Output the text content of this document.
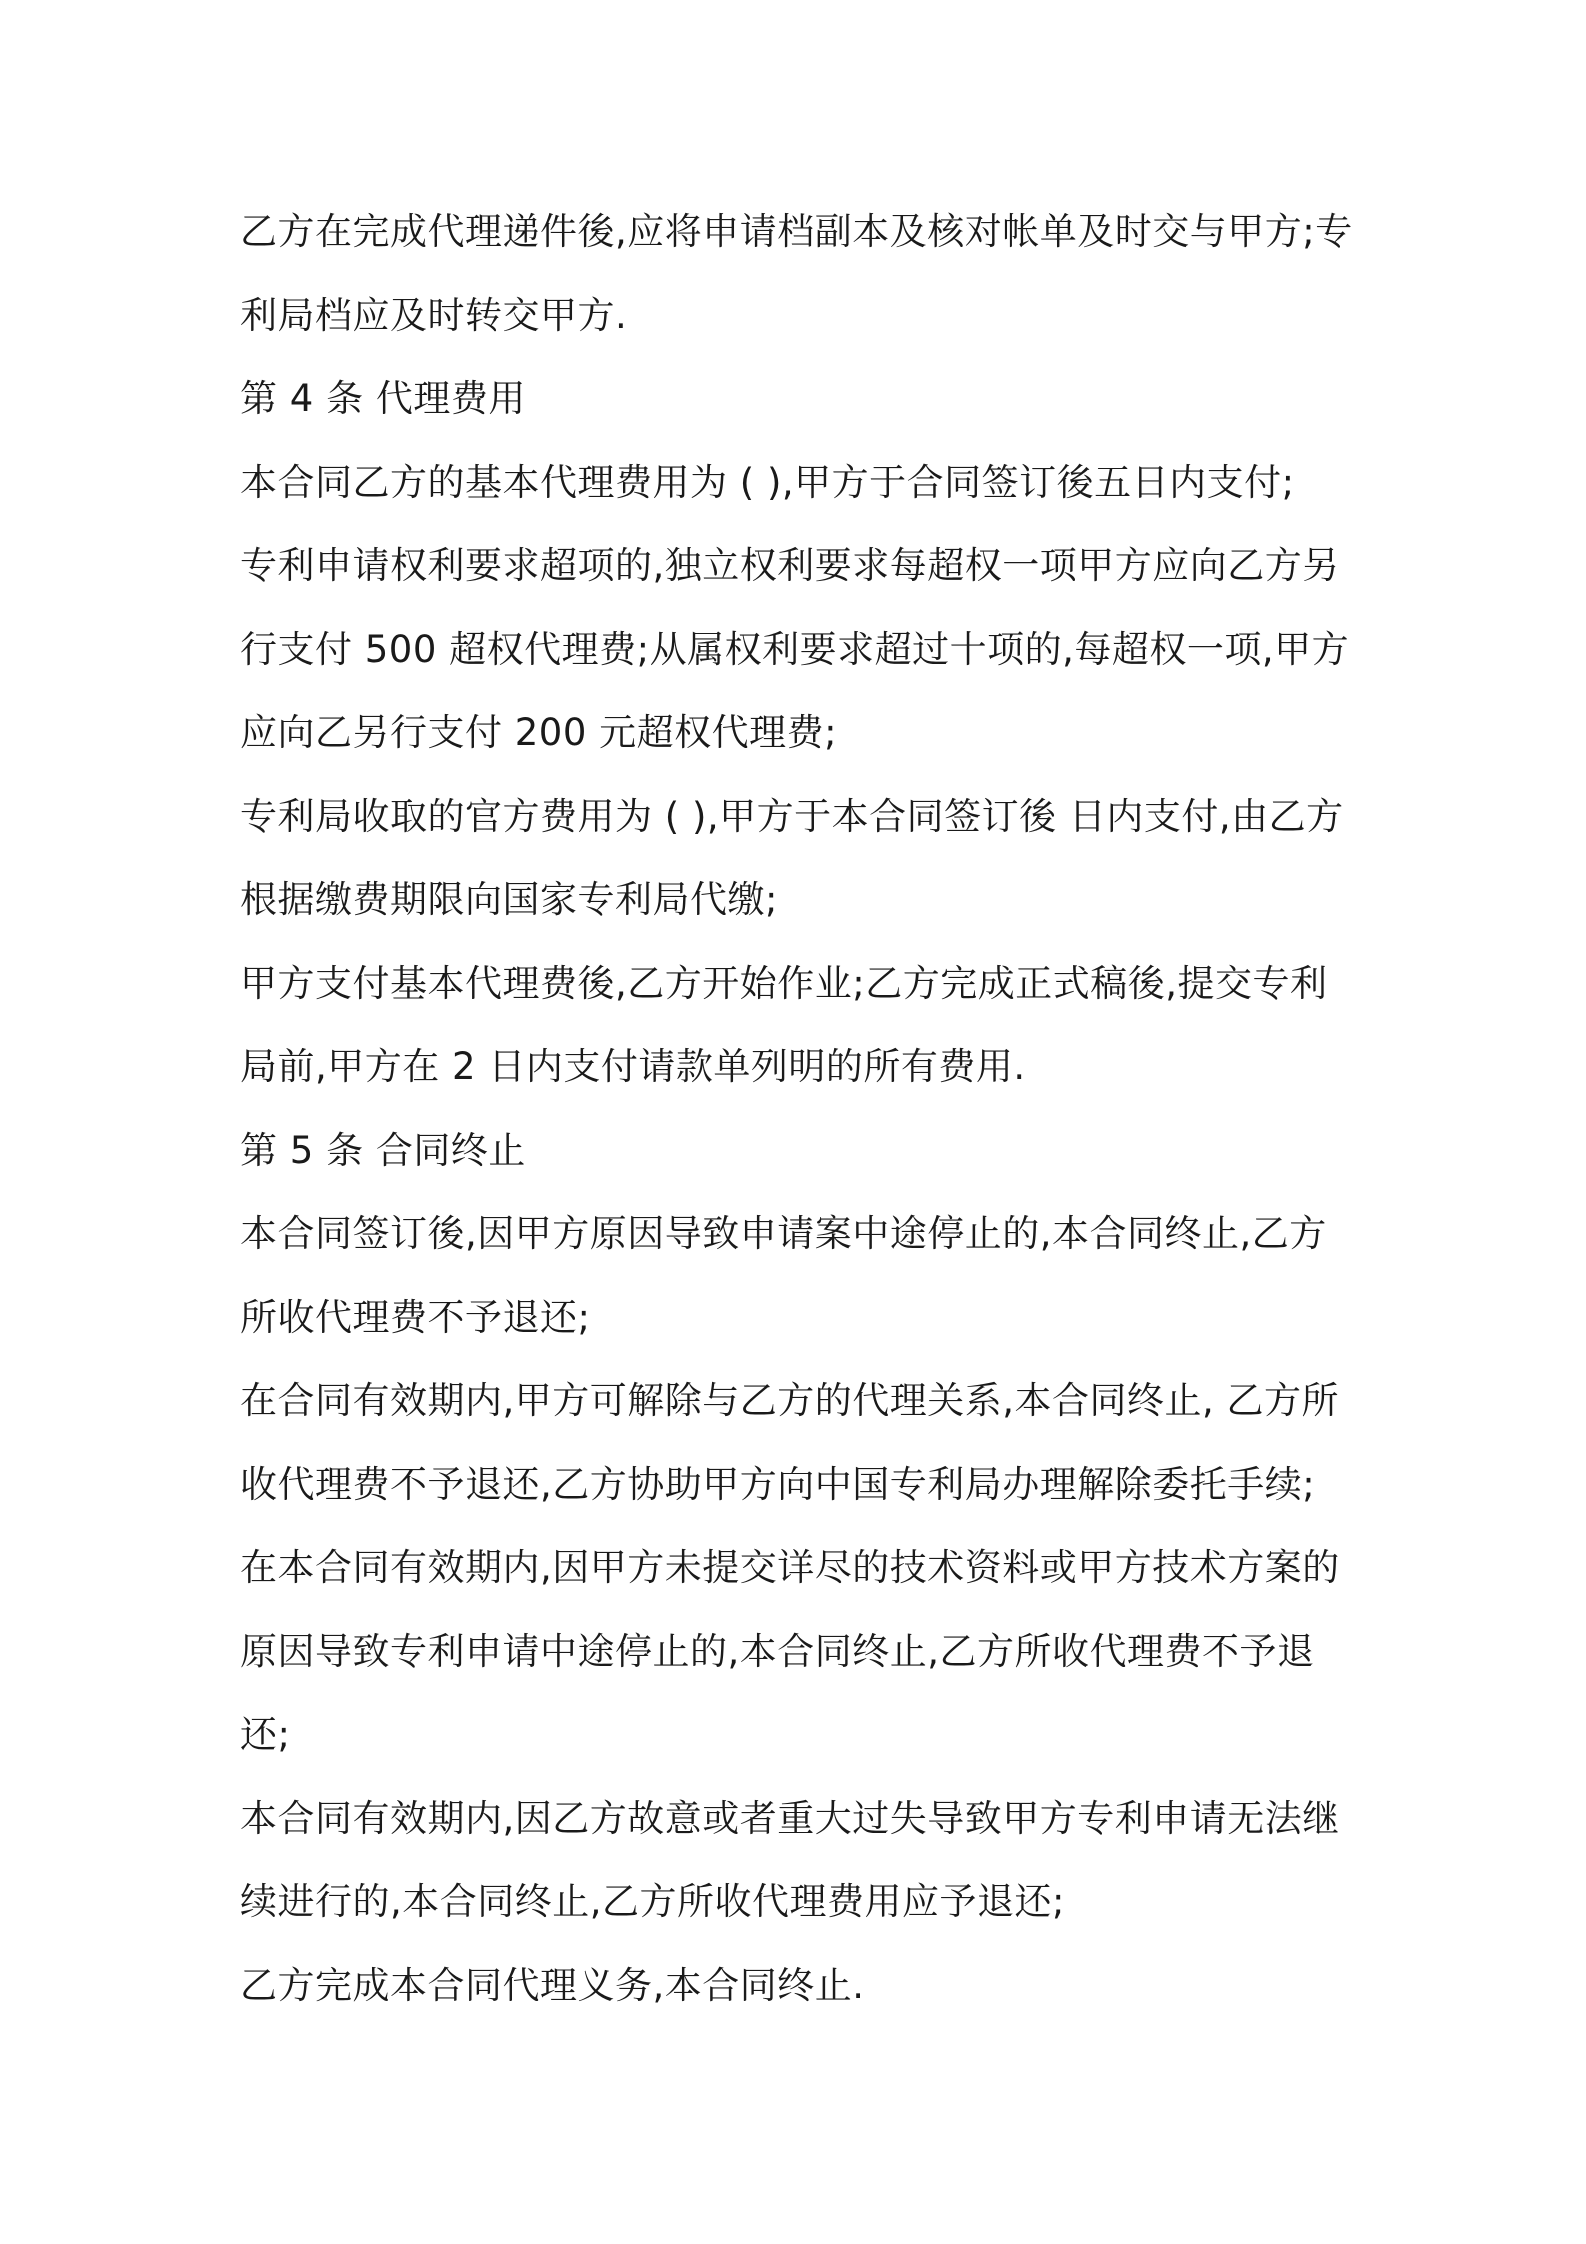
乙方在完成代理递件後,应将申请档副本及核对帐单及时交与甲方;专
利局档应及时转交甲方.
第 4 条 代理费用
本合同乙方的基本代理费用为 ( ),甲方于合同签订後五日内支付;
专利申请权利要求超项的,独立权利要求每超权一项甲方应向乙方另
行支付 500 超权代理费;从属权利要求超过十项的,每超权一项,甲方
应向乙另行支付 200 元超权代理费;
专利局收取的官方费用为 ( ),甲方于本合同签订後 日内支付,由乙方
根据缴费期限向国家专利局代缴;
甲方支付基本代理费後,乙方开始作业;乙方完成正式稿後,提交专利
局前,甲方在 2 日内支付请款单列明的所有费用.
第 5 条 合同终止
本合同签订後,因甲方原因导致申请案中途停止的,本合同终止,乙方
所收代理费不予退还;
在合同有效期内,甲方可解除与乙方的代理关系,本合同终止, 乙方所
收代理费不予退还,乙方协助甲方向中国专利局办理解除委托手续;
在本合同有效期内,因甲方未提交详尽的技术资料或甲方技术方案的
原因导致专利申请中途停止的,本合同终止,乙方所收代理费不予退
还;
本合同有效期内,因乙方故意或者重大过失导致甲方专利申请无法继
续进行的,本合同终止,乙方所收代理费用应予退还;
乙方完成本合同代理义务,本合同终止.
